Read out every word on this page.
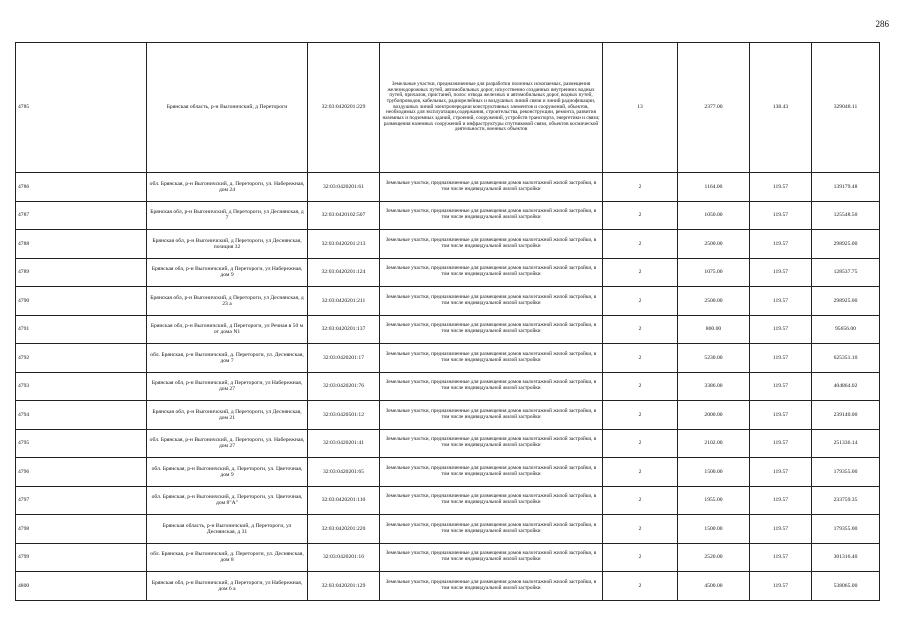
286
4785	Брянская область, р-н Выгоничский, д Перетороги	32:03:0420201:229	Земельные участки, предназначенные для разработки полезных ископаемых, размещения железнодорожных путей, автомобильных дорог, искусственно созданных внутренних водных путей, причалов, пристаней, полос отвода железных и автомобильных дорог, водных путей, трубопроводов, кабельных, радиорелейных и воздушных линий связи и линий радиофикации, воздушных линий электропередачи конструктивных элементов и сооружений, объектов, необходимых для эксплуатации,содержания, строительства, реконструкции, ремонта, развития наземных и подземных зданий, строений, сооружений, устройств транспорта, энергетики и связи; размещения наземных сооружений и инфраструктуры спутниковой связи, объектов космической деятельности, военных объектов	13	2377.00	138.43	329048.11
4786	обл. Брянская, р-н Выгоничский, д. Перетороги, ул. Набережная, дом 24	32:03:0420201:61	Земельные участки, предназначенные для размещения домов малоэтажной жилой застройки, в том числе индивидуальной жилой застройки	2	1164.00	119.57	139179.48
4787	Брянская обл, р-н Выгоничский, д Перетороги, ул Деснянская, д 7	32:03:0420102:507	Земельные участки, предназначенные для размещения домов малоэтажной жилой застройки, в том числе индивидуальной жилой застройки	2	1050.00	119.57	125548.50
4788	Брянская обл, р-н Выгоничский, д Перетороги, ул Деснянская, позиция 32	32:03:0420201:213	Земельные участки, предназначенные для размещения домов малоэтажной жилой застройки, в том числе индивидуальной жилой застройки	2	2500.00	119.57	298925.00
4789	Брянская обл, р-н Выгоничский, д Перетороги, ул Набережная, дом 9	32:03:0420201:124	Земельные участки, предназначенные для размещения домов малоэтажной жилой застройки, в том числе индивидуальной жилой застройки	2	1075.00	119.57	128537.75
4790	Брянская обл, р-н Выгоничский, д Перетороги, ул Деснянская, д 23 а	32:03:0420201:211	Земельные участки, предназначенные для размещения домов малоэтажной жилой застройки, в том числе индивидуальной жилой застройки	2	2500.00	119.57	298925.00
4791	Брянская обл, р-н Выгоничский, д Перетороги, ул Речная в 50 м от дома N1	32:03:0420201:137	Земельные участки, предназначенные для размещения домов малоэтажной жилой застройки, в том числе индивидуальной жилой застройки	2	800.00	119.57	95656.00
4792	обл. Брянская, р-н Выгоничский, д. Перетороги, ул. Деснянская, дом 7	32:03:0420201:17	Земельные участки, предназначенные для размещения домов малоэтажной жилой застройки, в том числе индивидуальной жилой застройки	2	5230.00	119.57	625351.10
4793	Брянская обл, р-н Выгоничский, д Перетороги, ул Набережная, дом 27	32:03:0420201:76	Земельные участки, предназначенные для размещения домов малоэтажной жилой застройки, в том числе индивидуальной жилой застройки	2	3386.00	119.57	404864.02
4794	Брянская обл, р-н Выгоничский, д Перетороги, ул Деснянская, дом 21	32:03:0420501:12	Земельные участки, предназначенные для размещения домов малоэтажной жилой застройки, в том числе индивидуальной жилой застройки	2	2000.00	119.57	239140.00
4795	обл. Брянская, р-н Выгоничский, д. Перетороги, ул. Набережная, дом 27	32:03:0420201:41	Земельные участки, предназначенные для размещения домов малоэтажной жилой застройки, в том числе индивидуальной жилой застройки	2	2102.00	119.57	251336.14
4796	обл. Брянская, р-н Выгоничский, д. Перетороги, ул. Цветочная, дом 9	32:03:0420201:65	Земельные участки, предназначенные для размещения домов малоэтажной жилой застройки, в том числе индивидуальной жилой застройки	2	1500.00	119.57	179355.00
4797	обл. Брянская, р-н Выгоничский, д. Перетороги, ул. Цветочная, дом 8"А"	32:03:0420201:110	Земельные участки, предназначенные для размещения домов малоэтажной жилой застройки, в том числе индивидуальной жилой застройки	2	1955.00	119.57	233759.35
4798	Брянская область, р-н Выгоничский, д Перетороги, ул Деснянская, д 31	32:03:0420201:220	Земельные участки, предназначенные для размещения домов малоэтажной жилой застройки, в том числе индивидуальной жилой застройки	2	1500.00	119.57	179355.00
4799	обл. Брянская, р-н Выгоничский, д. Перетороги, ул. Деснянская, дом 8	32:03:0420201:16	Земельные участки, предназначенные для размещения домов малоэтажной жилой застройки, в том числе индивидуальной жилой застройки	2	2520.00	119.57	301316.40
4800	Брянская обл, р-н Выгоничский, д Перетороги, ул Набережная, дом 6 а	32:03:0420201:129	Земельные участки, предназначенные для размещения домов малоэтажной жилой застройки, в том числе индивидуальной жилой застройки	2	4500.00	119.57	538065.00
